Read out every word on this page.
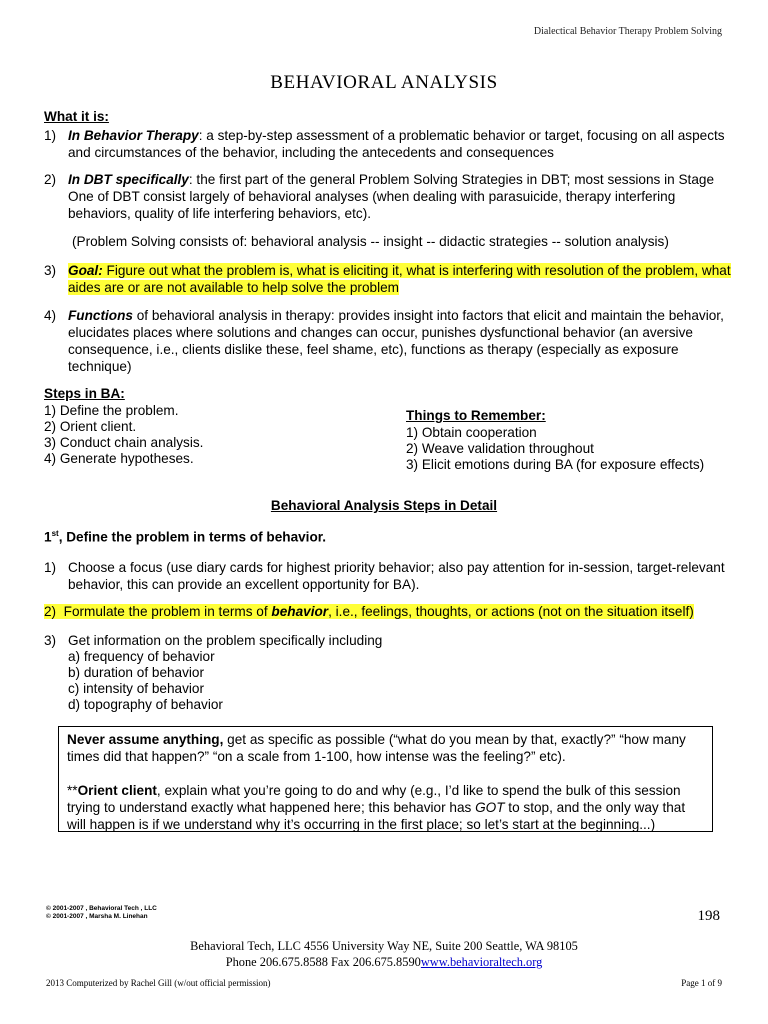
Dialectical Behavior Therapy Problem Solving
BEHAVIORAL ANALYSIS
What it is:
1) In Behavior Therapy: a step-by-step assessment of a problematic behavior or target, focusing on all aspects and circumstances of the behavior, including the antecedents and consequences
2) In DBT specifically: the first part of the general Problem Solving Strategies in DBT; most sessions in Stage One of DBT consist largely of behavioral analyses (when dealing with parasuicide, therapy interfering behaviors, quality of life interfering behaviors, etc).
(Problem Solving consists of: behavioral analysis -- insight -- didactic strategies -- solution analysis)
3) Goal: Figure out what the problem is, what is eliciting it, what is interfering with resolution of the problem, what aides are or are not available to help solve the problem
4) Functions of behavioral analysis in therapy: provides insight into factors that elicit and maintain the behavior, elucidates places where solutions and changes can occur, punishes dysfunctional behavior (an aversive consequence, i.e., clients dislike these, feel shame, etc), functions as therapy (especially as exposure technique)
Steps in BA:
1) Define the problem.
2) Orient client.
3) Conduct chain analysis.
4) Generate hypotheses.
Things to Remember:
1) Obtain cooperation
2) Weave validation throughout
3) Elicit emotions during BA (for exposure effects)
Behavioral Analysis Steps in Detail
1st, Define the problem in terms of behavior.
1) Choose a focus (use diary cards for highest priority behavior; also pay attention for in-session, target-relevant behavior, this can provide an excellent opportunity for BA).
2) Formulate the problem in terms of behavior, i.e., feelings, thoughts, or actions (not on the situation itself)
3) Get information on the problem specifically including
a) frequency of behavior
b) duration of behavior
c) intensity of behavior
d) topography of behavior
Never assume anything, get as specific as possible (“what do you mean by that, exactly?” “how many times did that happen?” “on a scale from 1-100, how intense was the feeling?” etc).
**Orient client, explain what you’re going to do and why (e.g., I’d like to spend the bulk of this session trying to understand exactly what happened here; this behavior has GOT to stop, and the only way that will happen is if we understand why it’s occurring in the first place; so let’s start at the beginning...)
© 2001-2007 , Behavioral Tech , LLC
© 2001-2007 , Marsha M. Linehan	198
Behavioral Tech, LLC 4556 University Way NE, Suite 200 Seattle, WA 98105
Phone 206.675.8588 Fax 206.675.8590www.behavioraltech.org
2013 Computerized by Rachel Gill (w/out official permission)	Page 1 of 9
